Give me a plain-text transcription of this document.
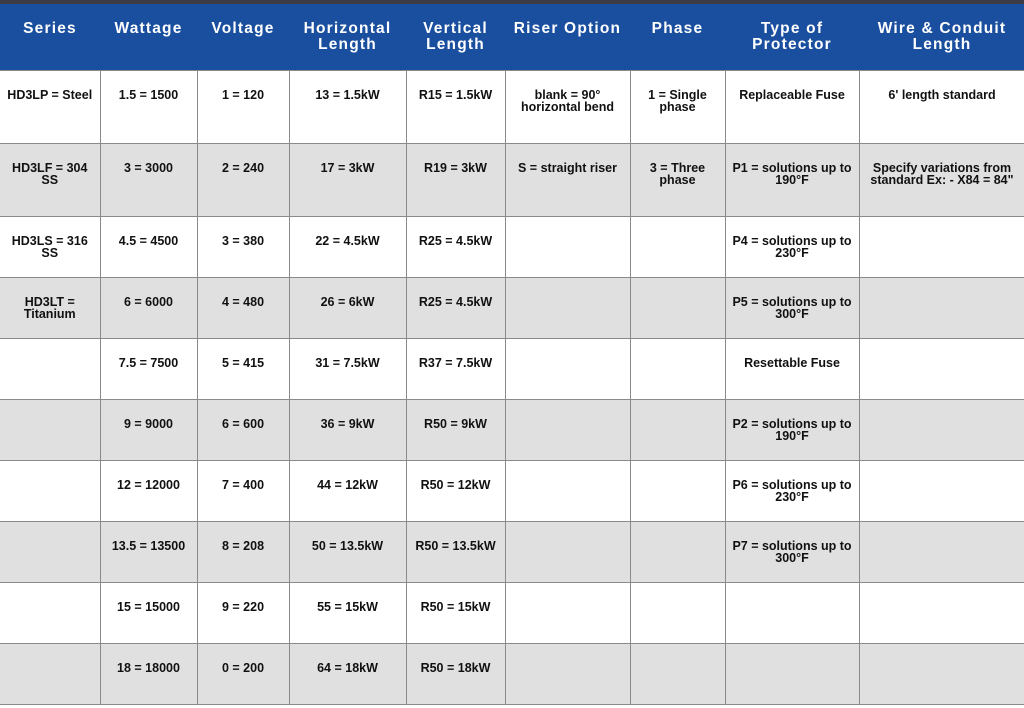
Series	Wattage	Voltage	Horizontal Length	Vertical Length	Riser Option	Phase	Type of Protector	Wire & Conduit Length
HD3LP = Steel	1.5 = 1500	1 = 120	13 = 1.5kW	R15 = 1.5kW	blank = 90° horizontal bend	1 = Single phase	Replaceable Fuse	6' length standard
HD3LF = 304 SS	3 = 3000	2 = 240	17 = 3kW	R19 = 3kW	S = straight riser	3 = Three phase	P1 = solutions up to 190°F	Specify variations from standard Ex: - X84 = 84"
HD3LS = 316 SS	4.5 = 4500	3 = 380	22 = 4.5kW	R25 = 4.5kW			P4 = solutions up to 230°F	
HD3LT = Titanium	6 = 6000	4 = 480	26 = 6kW	R25 = 4.5kW			P5 = solutions up to 300°F	
	7.5 = 7500	5 = 415	31 = 7.5kW	R37 = 7.5kW			Resettable Fuse	
	9 = 9000	6 = 600	36 = 9kW	R50 = 9kW			P2 = solutions up to 190°F	
	12 = 12000	7 = 400	44 = 12kW	R50 = 12kW			P6 = solutions up to 230°F	
	13.5 = 13500	8 = 208	50 = 13.5kW	R50 = 13.5kW			P7 = solutions up to 300°F	
	15 = 15000	9 = 220	55 = 15kW	R50 = 15kW				
	18 = 18000	0 = 200	64 = 18kW	R50 = 18kW				
